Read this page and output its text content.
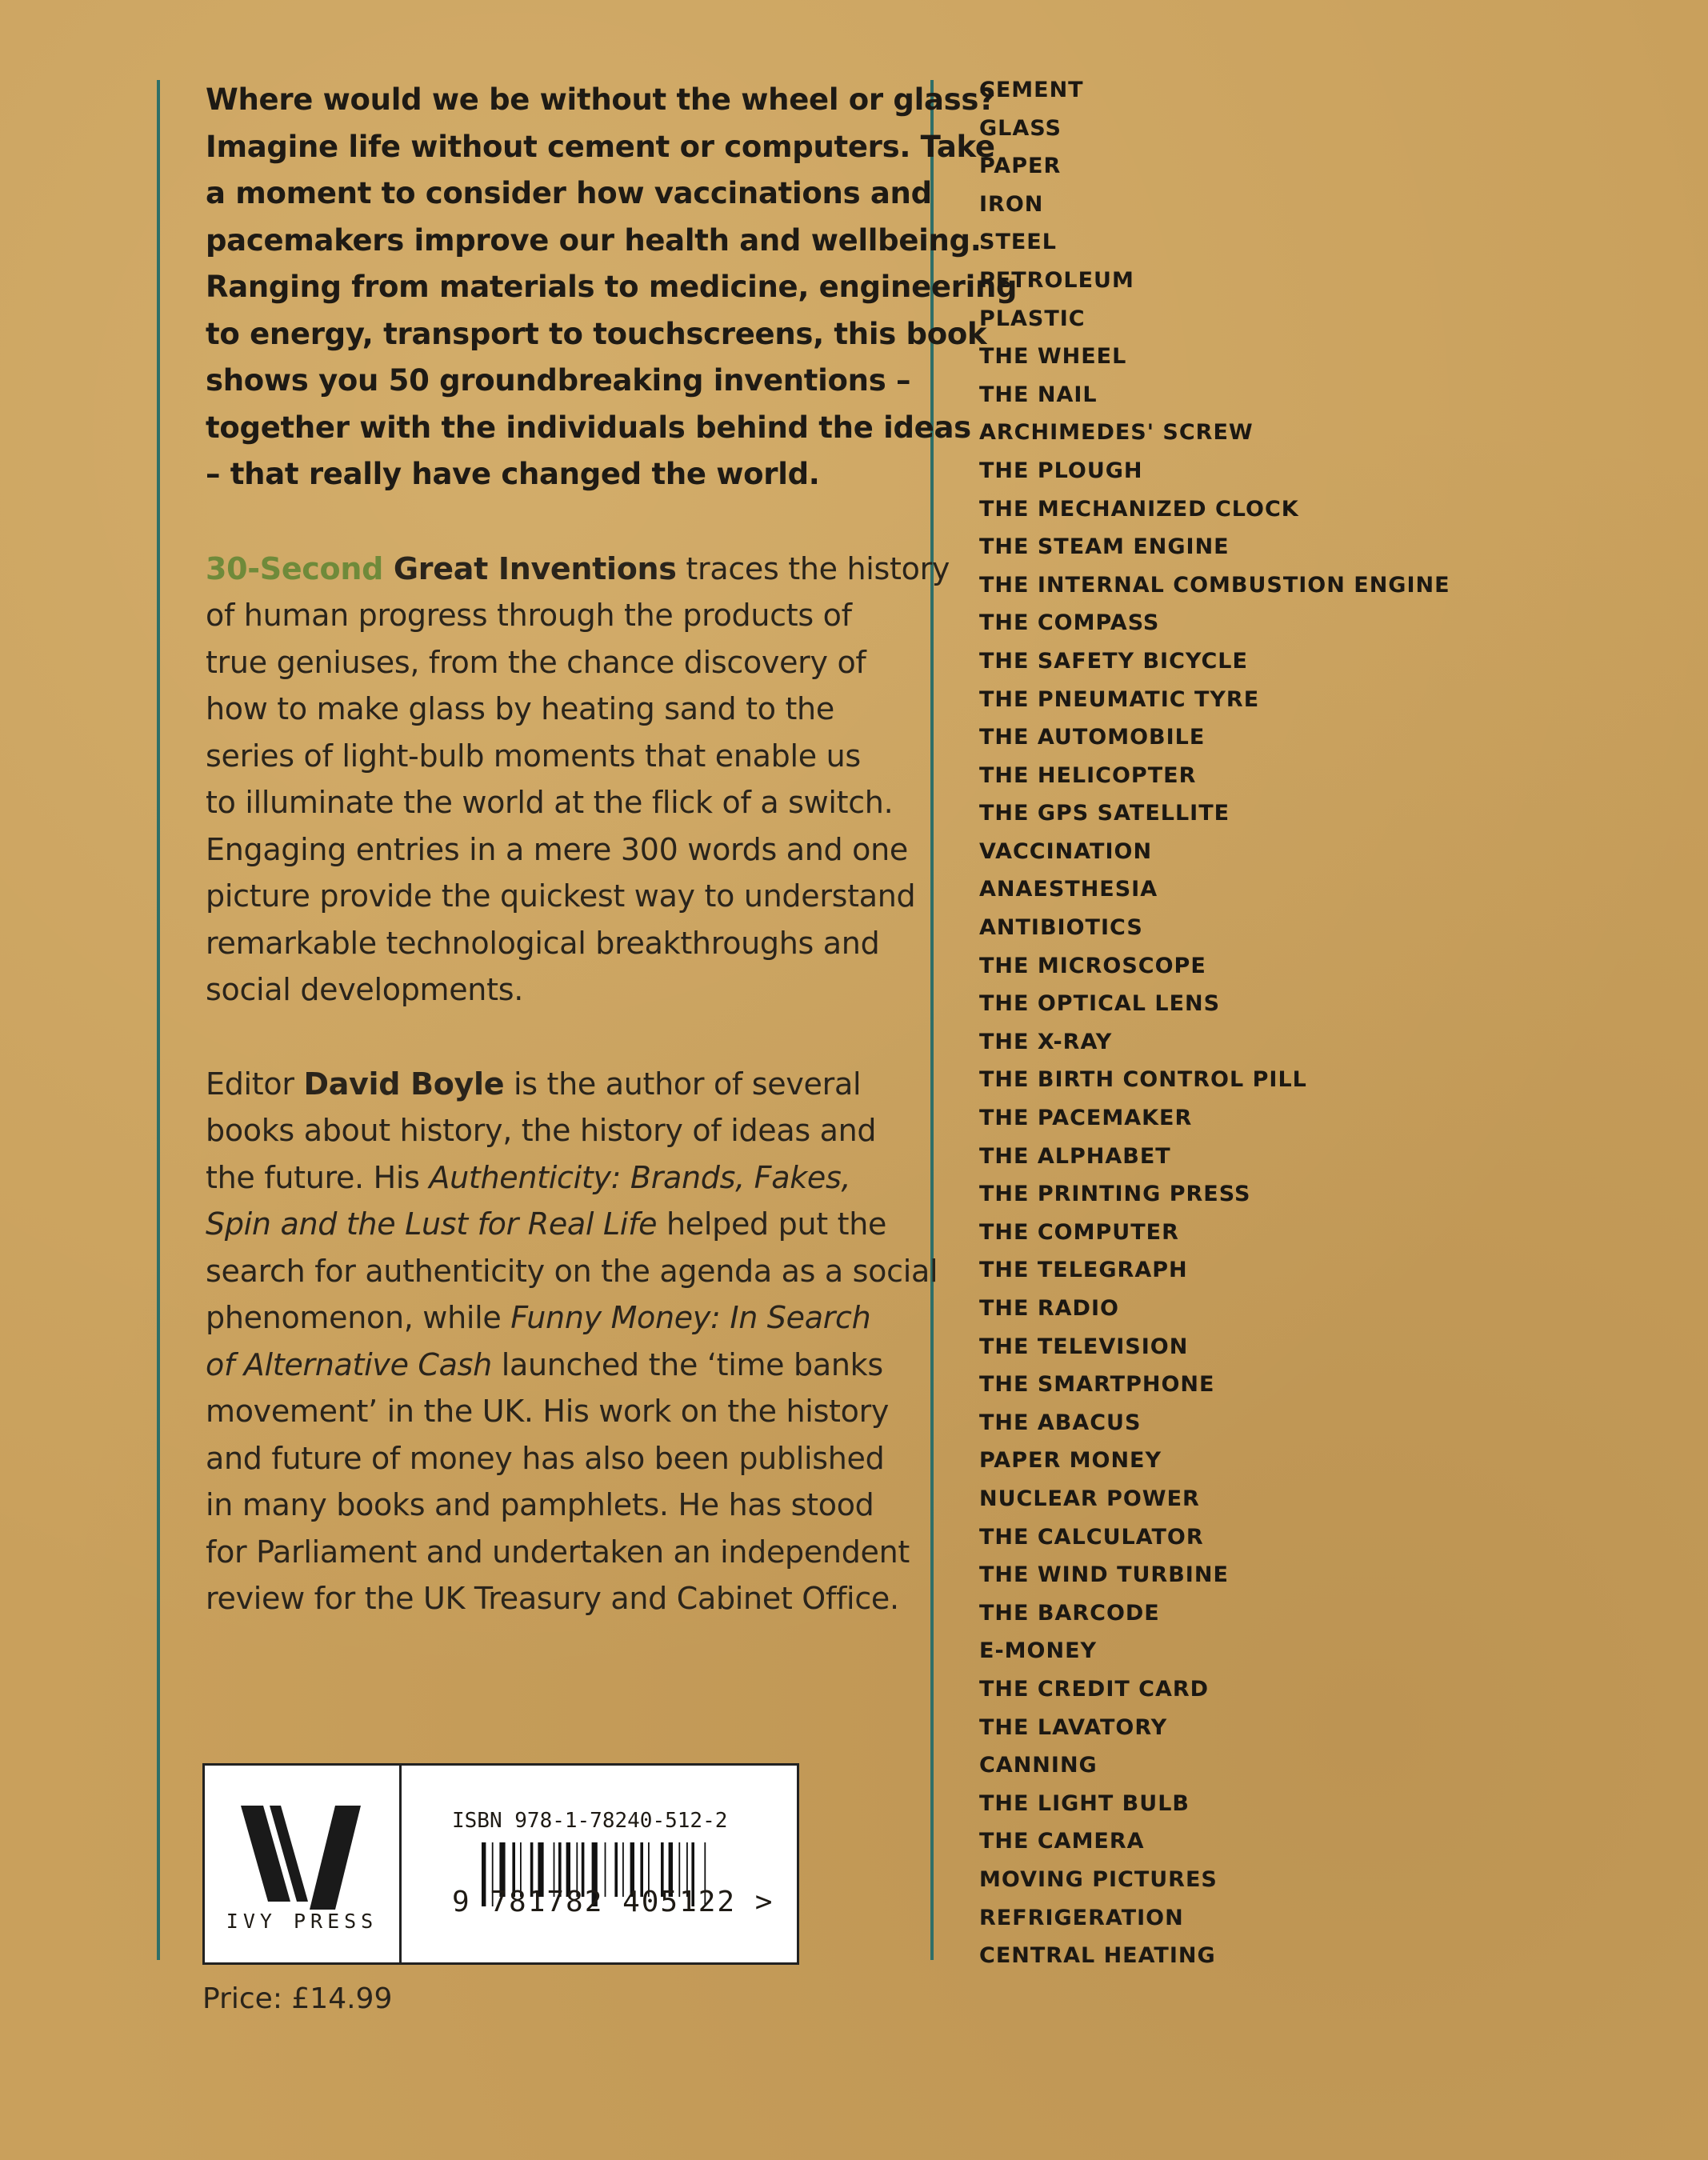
Where would we be without the wheel or glass?
Imagine life without cement or computers. Take
a moment to consider how vaccinations and
pacemakers improve our health and wellbeing.
Ranging from materials to medicine, engineering
to energy, transport to touchscreens, this book
shows you 50 groundbreaking inventions –
together with the individuals behind the ideas
– that really have changed the world.
30-Second Great Inventions traces the history
of human progress through the products of
true geniuses, from the chance discovery of
how to make glass by heating sand to the
series of light-bulb moments that enable us
to illuminate the world at the flick of a switch.
Engaging entries in a mere 300 words and one
picture provide the quickest way to understand
remarkable technological breakthroughs and
social developments.
Editor David Boyle is the author of several
books about history, the history of ideas and
the future. His Authenticity: Brands, Fakes,
Spin and the Lust for Real Life helped put the
search for authenticity on the agenda as a social
phenomenon, while Funny Money: In Search
of Alternative Cash launched the ‘time banks
movement’ in the UK. His work on the history
and future of money has also been published
in many books and pamphlets. He has stood
for Parliament and undertaken an independent
review for the UK Treasury and Cabinet Office.
CEMENT
GLASS
PAPER
IRON
STEEL
PETROLEUM
PLASTIC
THE WHEEL
THE NAIL
ARCHIMEDES' SCREW
THE PLOUGH
THE MECHANIZED CLOCK
THE STEAM ENGINE
THE INTERNAL COMBUSTION ENGINE
THE COMPASS
THE SAFETY BICYCLE
THE PNEUMATIC TYRE
THE AUTOMOBILE
THE HELICOPTER
THE GPS SATELLITE
VACCINATION
ANAESTHESIA
ANTIBIOTICS
THE MICROSCOPE
THE OPTICAL LENS
THE X-RAY
THE BIRTH CONTROL PILL
THE PACEMAKER
THE ALPHABET
THE PRINTING PRESS
THE COMPUTER
THE TELEGRAPH
THE RADIO
THE TELEVISION
THE SMARTPHONE
THE ABACUS
PAPER MONEY
NUCLEAR POWER
THE CALCULATOR
THE WIND TURBINE
THE BARCODE
E-MONEY
THE CREDIT CARD
THE LAVATORY
CANNING
THE LIGHT BULB
THE CAMERA
MOVING PICTURES
REFRIGERATION
CENTRAL HEATING
IVY PRESS
ISBN 978-1-78240-512-2
9 781782 405122 >
Price: £14.99
